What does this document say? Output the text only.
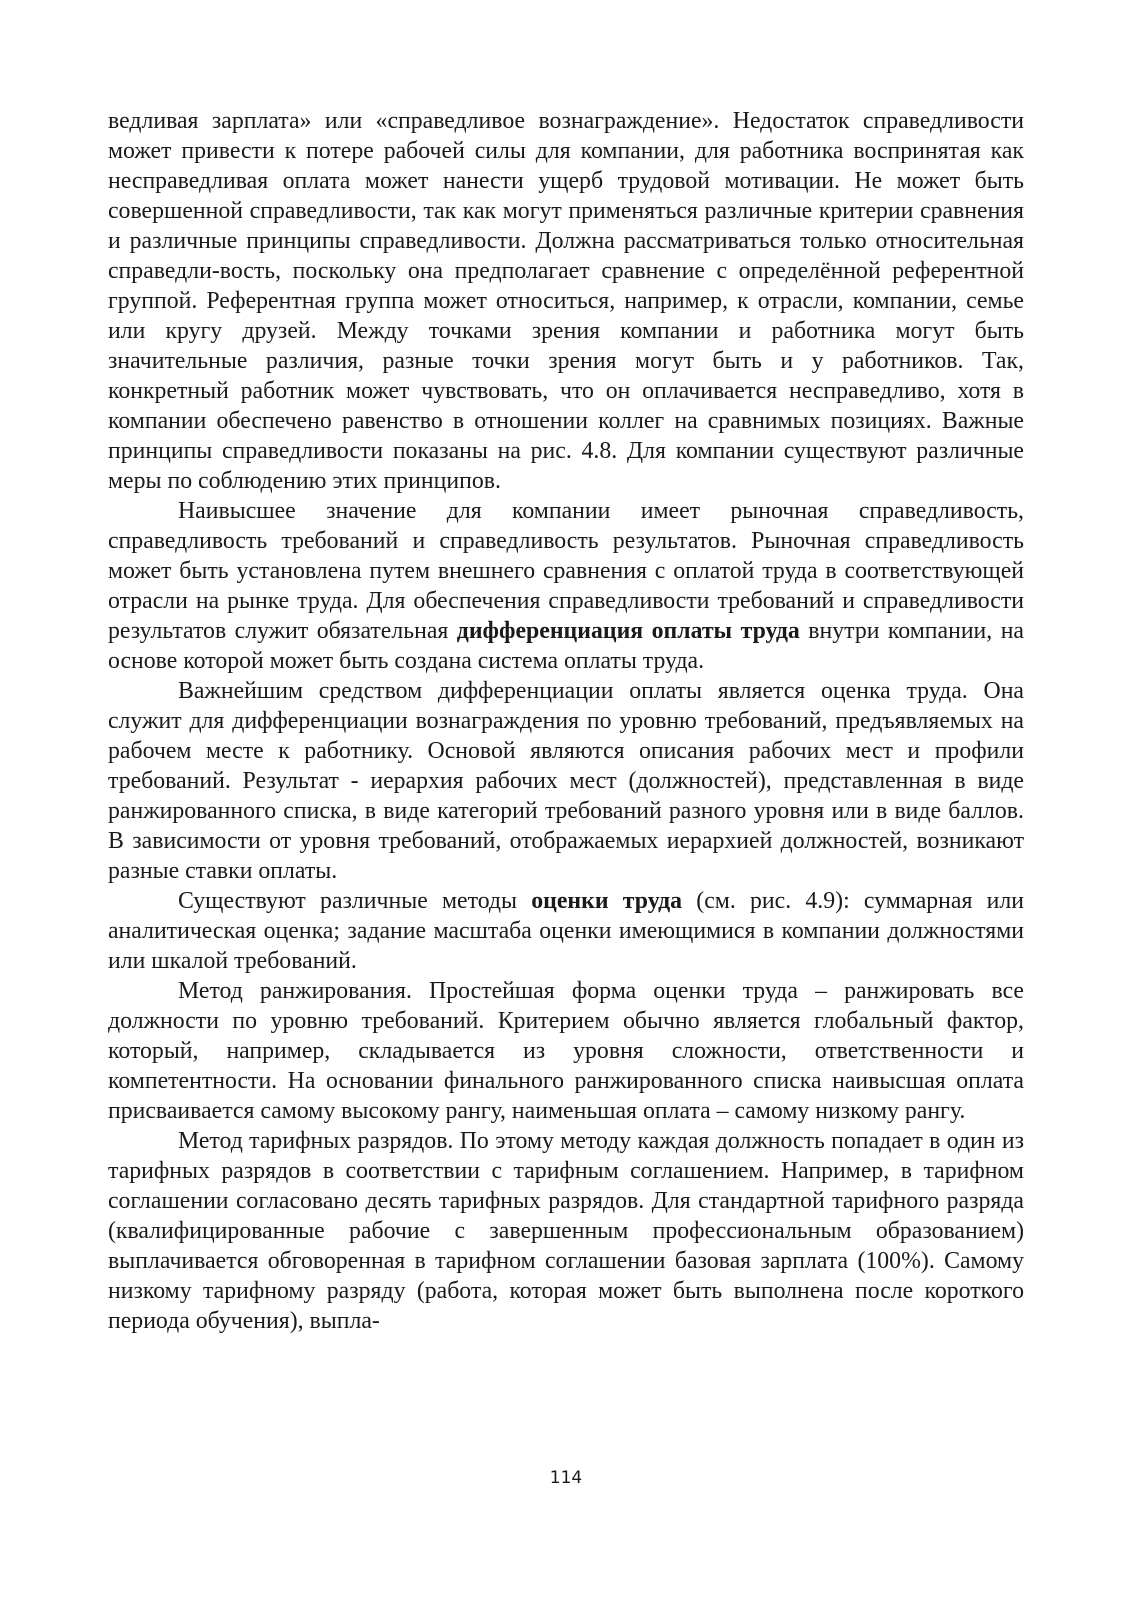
ведливая зарплата» или «справедливое вознаграждение». Недостаток справедливости может привести к потере рабочей силы для компании, для работника воспринятая как несправедливая оплата может нанести ущерб трудовой мотивации. Не может быть совершенной справедливости, так как могут применяться различные критерии сравнения и различные принципы справедливости. Должна рассматриваться только относительная справедли-вость, поскольку она предполагает сравнение с определённой референтной группой. Референтная группа может относиться, например, к отрасли, компании, семье или кругу друзей. Между точками зрения компании и работника могут быть значительные различия, разные точки зрения могут быть и у работников. Так, конкретный работник может чувствовать, что он оплачивается несправедливо, хотя в компании обеспечено равенство в отношении коллег на сравнимых позициях. Важные принципы справедливости показаны на рис. 4.8. Для компании существуют различные меры по соблюдению этих принципов.

Наивысшее значение для компании имеет рыночная справедливость, справедливость требований и справедливость результатов. Рыночная справедливость может быть установлена путем внешнего сравнения с оплатой труда в соответствующей отрасли на рынке труда. Для обеспечения справедливости требований и справедливости результатов служит обязательная дифференциация оплаты труда внутри компании, на основе которой может быть создана система оплаты труда.

Важнейшим средством дифференциации оплаты является оценка труда. Она служит для дифференциации вознаграждения по уровню требований, предъявляемых на рабочем месте к работнику. Основой являются описания рабочих мест и профили требований. Результат - иерархия рабочих мест (должностей), представленная в виде ранжированного списка, в виде категорий требований разного уровня или в виде баллов. В зависимости от уровня требований, отображаемых иерархией должностей, возникают разные ставки оплаты.

Существуют различные методы оценки труда (см. рис. 4.9): суммарная или аналитическая оценка; задание масштаба оценки имеющимися в компании должностями или шкалой требований.

Метод ранжирования. Простейшая форма оценки труда – ранжировать все должности по уровню требований. Критерием обычно является глобальный фактор, который, например, складывается из уровня сложности, ответственности и компетентности. На основании финального ранжированного списка наивысшая оплата присваивается самому высокому рангу, наименьшая оплата – самому низкому рангу.

Метод тарифных разрядов. По этому методу каждая должность попадает в один из тарифных разрядов в соответствии с тарифным соглашением. Например, в тарифном соглашении согласовано десять тарифных разрядов. Для стандартной тарифного разряда (квалифицированные рабочие с завершенным профессиональным образованием) выплачивается обговоренная в тарифном соглашении базовая зарплата (100%). Самому низкому тарифному разряду (работа, которая может быть выполнена после короткого периода обучения), выпла-

114
